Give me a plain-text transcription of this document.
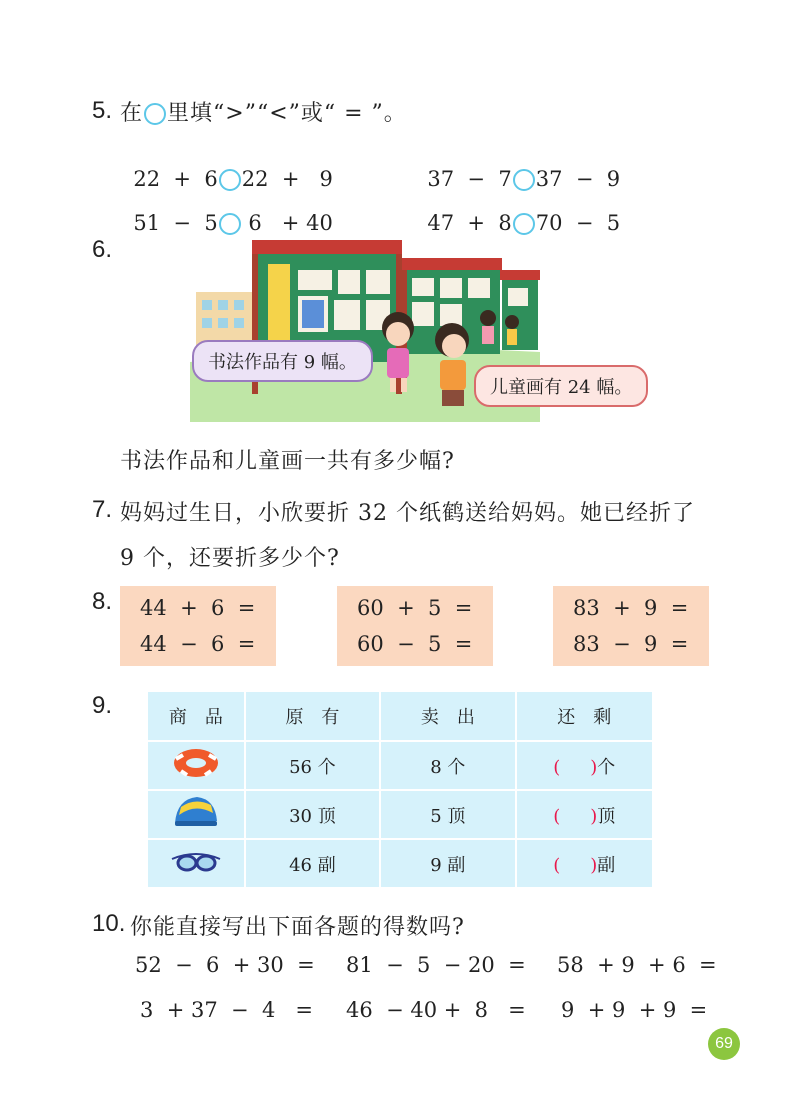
5. 在 里填“>”“<”或“ = ”。

22  +  6 22  +   9	37  −  7 37  −  9

51  −  5 6   + 40	47  +  8 70  −  5

6.
书法作品有 9 幅。
儿童画有 24 幅。
书法作品和儿童画一共有多少幅?
7. 妈妈过生日，小欣要折 32 个纸鹤送给妈妈。她已经折了
9 个，还要折多少个?
8. 44  +  6  =
44  −  6  =
60  +  5  =
60  −  5  =
83  +  9  =
83  −  9  =
9.	商　品	原　有	卖　出	还　剩
	56 个	8 个	( )个
	30 顶	5 顶	( )顶
	46 副	9 副	( )副
10. 你能直接写出下面各题的得数吗?
52  −  6  + 30  = 81  −  5  − 20  = 58  + 9  + 6  =
3  + 37  −  4   = 46  − 40 +  8   = 9  + 9  + 9  =
69
